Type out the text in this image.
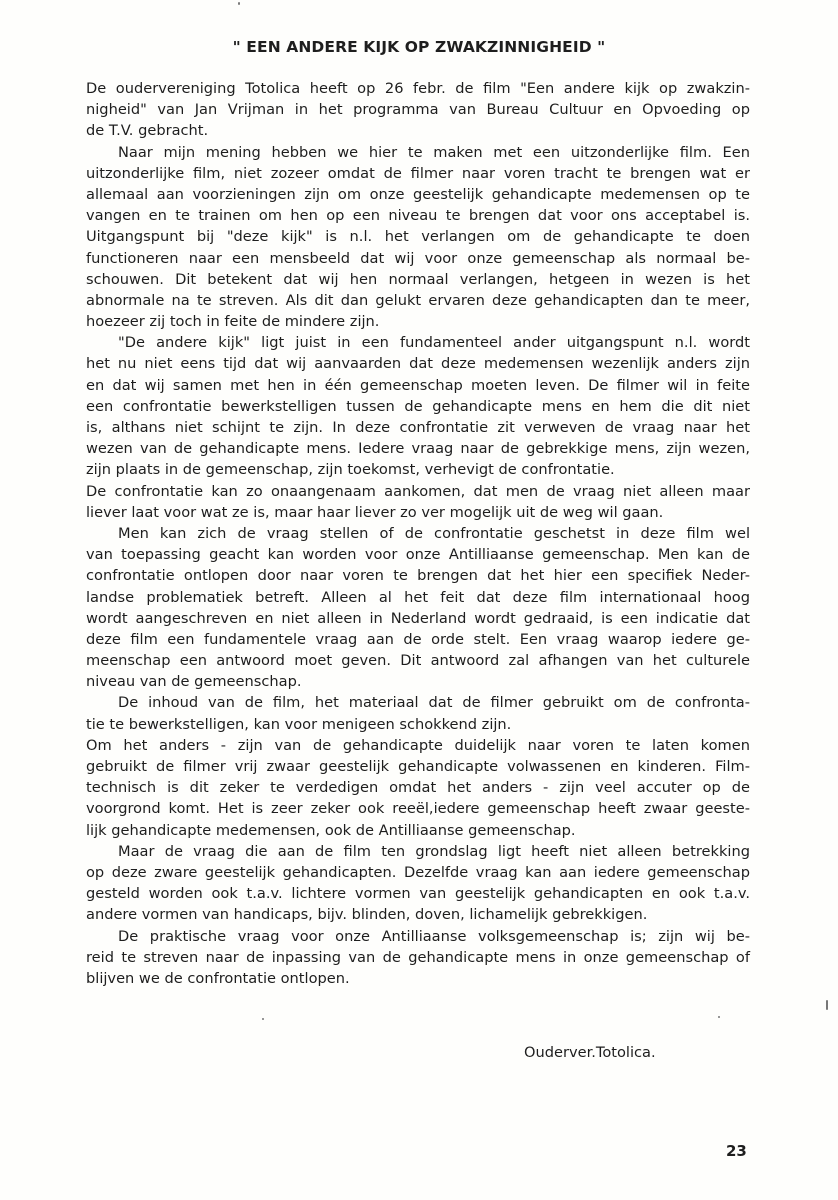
" EEN ANDERE KIJK OP ZWAKZINNIGHEID "
De oudervereniging Totolica heeft op 26 febr. de film "Een andere kijk op zwakzin-
nigheid" van Jan Vrijman in het programma van Bureau Cultuur en Opvoeding op
de T.V. gebracht.
Naar mijn mening hebben we hier te maken met een uitzonderlijke film. Een
uitzonderlijke film, niet zozeer omdat de filmer naar voren tracht te brengen wat er
allemaal aan voorzieningen zijn om onze geestelijk gehandicapte medemensen op te
vangen en te trainen om hen op een niveau te brengen dat voor ons acceptabel is.
Uitgangspunt bij "deze kijk" is n.l. het verlangen om de gehandicapte te doen
functioneren naar een mensbeeld dat wij voor onze gemeenschap als normaal be-
schouwen. Dit betekent dat wij hen normaal verlangen, hetgeen in wezen is het
abnormale na te streven. Als dit dan gelukt ervaren deze gehandicapten dan te meer,
hoezeer zij toch in feite de mindere zijn.
"De andere kijk" ligt juist in een fundamenteel ander uitgangspunt n.l. wordt
het nu niet eens tijd dat wij aanvaarden dat deze medemensen wezenlijk anders zijn
en dat wij samen met hen in één gemeenschap moeten leven. De filmer wil in feite
een confrontatie bewerkstelligen tussen de gehandicapte mens en hem die dit niet
is, althans niet schijnt te zijn. In deze confrontatie zit verweven de vraag naar het
wezen van de gehandicapte mens. Iedere vraag naar de gebrekkige mens, zijn wezen,
zijn plaats in de gemeenschap, zijn toekomst, verhevigt de confrontatie.
De confrontatie kan zo onaangenaam aankomen, dat men de vraag niet alleen maar
liever laat voor wat ze is, maar haar liever zo ver mogelijk uit de weg wil gaan.
Men kan zich de vraag stellen of de confrontatie geschetst in deze film wel
van toepassing geacht kan worden voor onze Antilliaanse gemeenschap. Men kan de
confrontatie ontlopen door naar voren te brengen dat het hier een specifiek Neder-
landse problematiek betreft. Alleen al het feit dat deze film internationaal hoog
wordt aangeschreven en niet alleen in Nederland wordt gedraaid, is een indicatie dat
deze film een fundamentele vraag aan de orde stelt. Een vraag waarop iedere ge-
meenschap een antwoord moet geven. Dit antwoord zal afhangen van het culturele
niveau van de gemeenschap.
De inhoud van de film, het materiaal dat de filmer gebruikt om de confronta-
tie te bewerkstelligen, kan voor menigeen schokkend zijn.
Om het anders - zijn van de gehandicapte duidelijk naar voren te laten komen
gebruikt de filmer vrij zwaar geestelijk gehandicapte volwassenen en kinderen. Film-
technisch is dit zeker te verdedigen omdat het anders - zijn veel accuter op de
voorgrond komt. Het is zeer zeker ook reeël,iedere gemeenschap heeft zwaar geeste-
lijk gehandicapte medemensen, ook de Antilliaanse gemeenschap.
Maar de vraag die aan de film ten grondslag ligt heeft niet alleen betrekking
op deze zware geestelijk gehandicapten. Dezelfde vraag kan aan iedere gemeenschap
gesteld worden ook t.a.v. lichtere vormen van geestelijk gehandicapten en ook t.a.v.
andere vormen van handicaps, bijv. blinden, doven, lichamelijk gebrekkigen.
De praktische vraag voor onze Antilliaanse volksgemeenschap is; zijn wij be-
reid te streven naar de inpassing van de gehandicapte mens in onze gemeenschap of
blijven we de confrontatie ontlopen.

Ouderver.Totolica.

23
